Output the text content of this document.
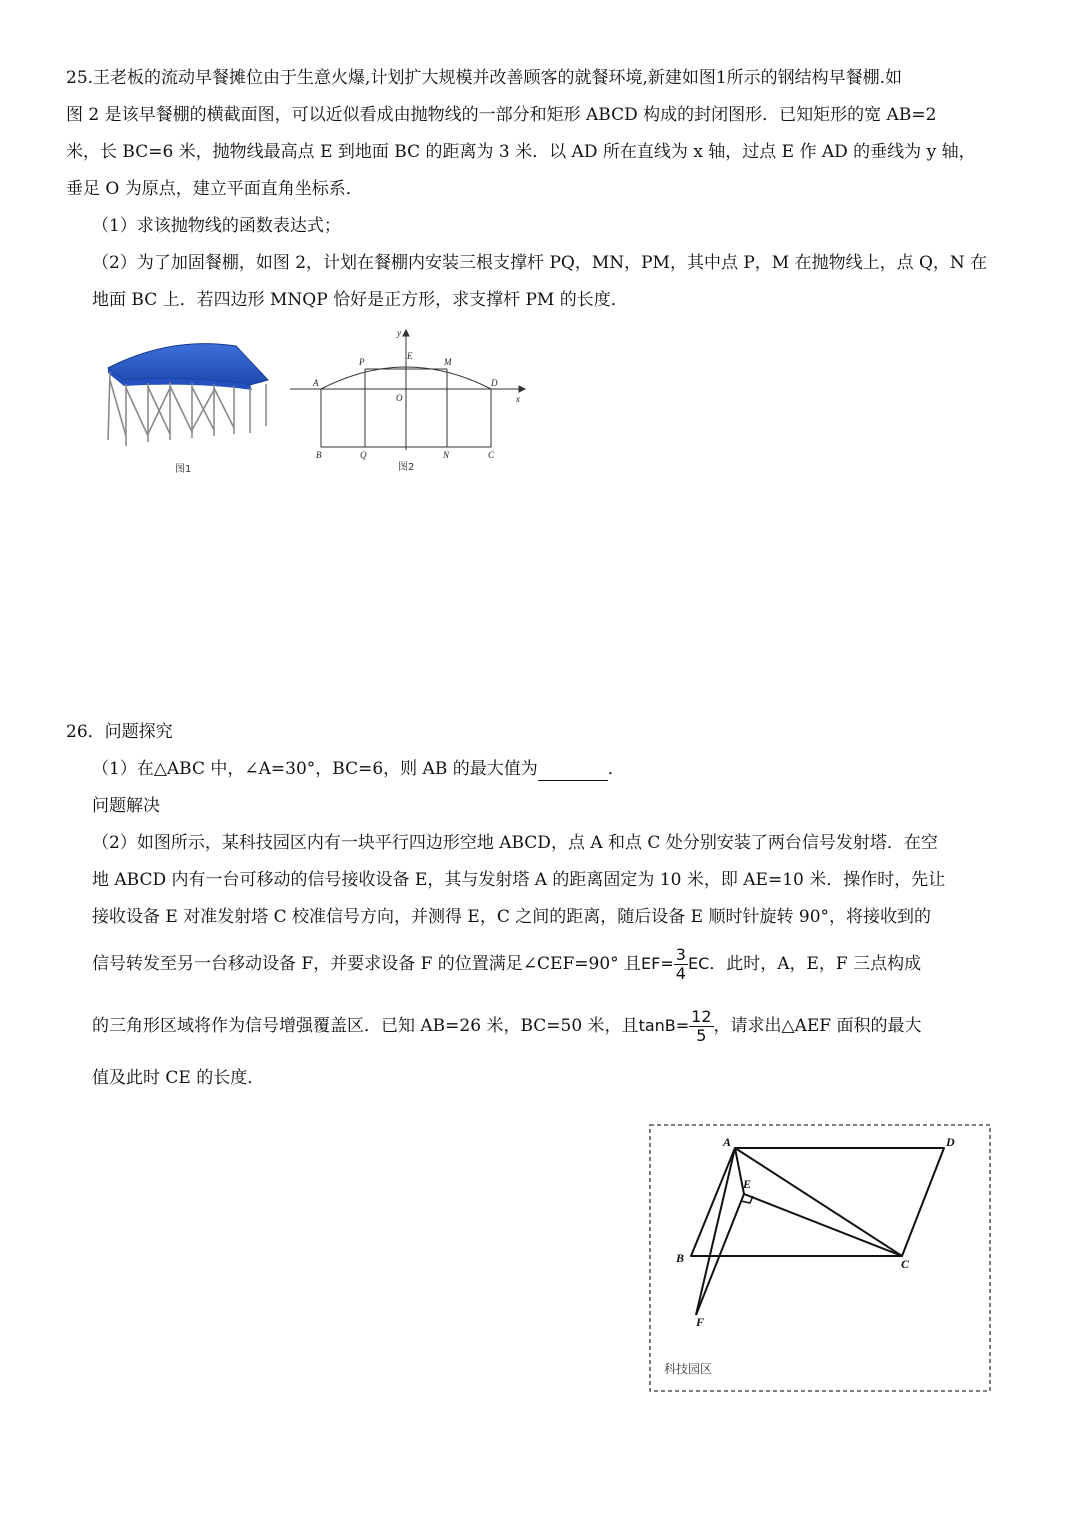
25.王老板的流动早餐摊位由于生意火爆,计划扩大规模并改善顾客的就餐环境,新建如图1所示的钢结构早餐棚.如
图 2 是该早餐棚的横截面图，可以近似看成由抛物线的一部分和矩形 ABCD 构成的封闭图形．已知矩形的宽 AB=2
米，长 BC=6 米，抛物线最高点 E 到地面 BC 的距离为 3 米．以 AD 所在直线为 x 轴，过点 E 作 AD 的垂线为 y 轴，
垂足 O 为原点，建立平面直角坐标系．
（1）求该抛物线的函数表达式；
（2）为了加固餐棚，如图 2，计划在餐棚内安装三根支撑杆 PQ，MN，PM，其中点 P，M 在抛物线上，点 Q，N 在
地面 BC 上．若四边形 MNQP 恰好是正方形，求支撑杆 PM 的长度．
图1
y
x
A
P
E
M
D
O
B	Q	N	C
图2
26．问题探究
（1）在△ABC 中，∠A=30°，BC=6，则 AB 的最大值为	．
问题解决
（2）如图所示，某科技园区内有一块平行四边形空地 ABCD，点 A 和点 C 处分别安装了两台信号发射塔．在空
地 ABCD 内有一台可移动的信号接收设备 E，其与发射塔 A 的距离固定为 10 米，即 AE=10 米．操作时，先让
接收设备 E 对准发射塔 C 校准信号方向，并测得 E，C 之间的距离，随后设备 E 顺时针旋转 90°，将接收到的
信号转发至另一台移动设备 F，并要求设备 F 的位置满足∠CEF=90° 且$EF= \frac{3}{4}$ EC．此时，A，E，F 三点构成
的三角形区域将作为信号增强覆盖区．已知 AB=26 米，BC=50 米，且$\tan B= \frac{12}{5}$ ，请求出△AEF 面积的最大
值及此时 CE 的长度．
A	D
E
B	C
F
科技园区
